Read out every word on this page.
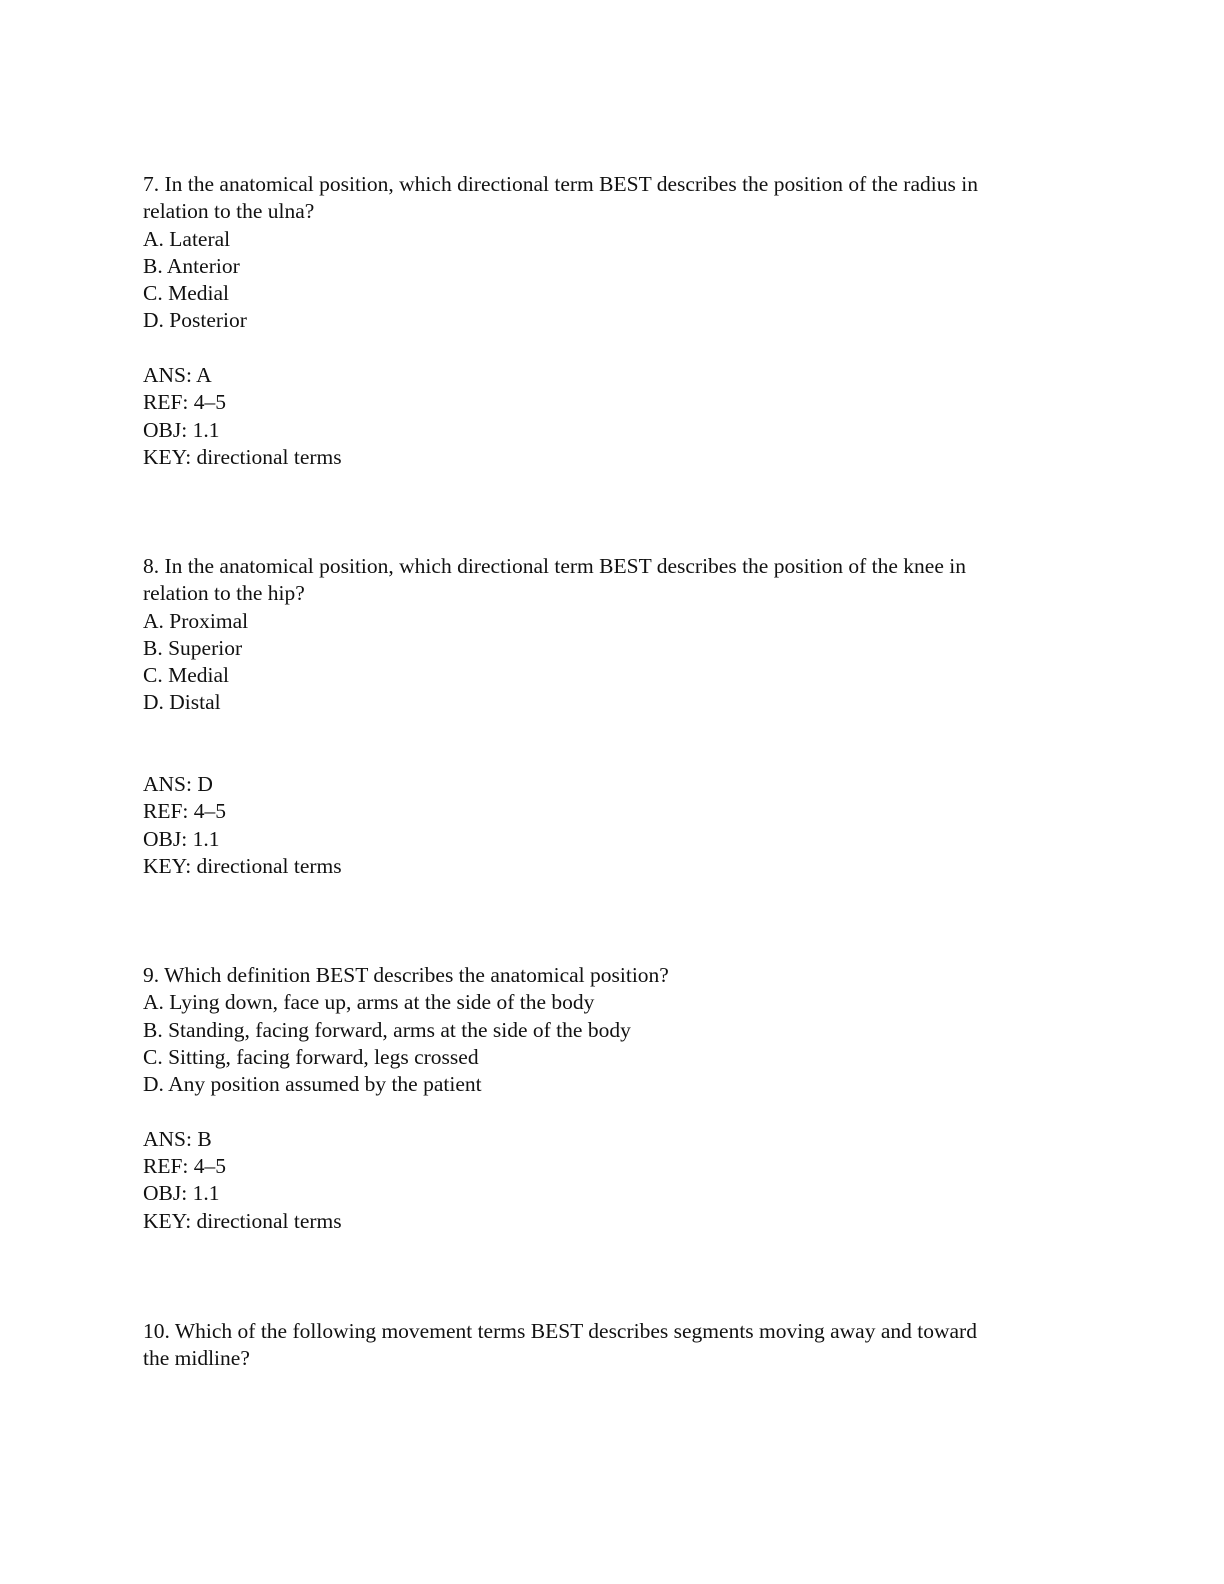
7. In the anatomical position, which directional term BEST describes the position of the radius in
relation to the ulna?
A. Lateral
B. Anterior
C. Medial
D. Posterior
ANS: A
REF: 4–5
OBJ: 1.1
KEY: directional terms
8. In the anatomical position, which directional term BEST describes the position of the knee in
relation to the hip?
A. Proximal
B. Superior
C. Medial
D. Distal
ANS: D
REF: 4–5
OBJ: 1.1
KEY: directional terms
9. Which definition BEST describes the anatomical position?
A. Lying down, face up, arms at the side of the body
B. Standing, facing forward, arms at the side of the body
C. Sitting, facing forward, legs crossed
D. Any position assumed by the patient
ANS: B
REF: 4–5
OBJ: 1.1
KEY: directional terms
10. Which of the following movement terms BEST describes segments moving away and toward
the midline?
